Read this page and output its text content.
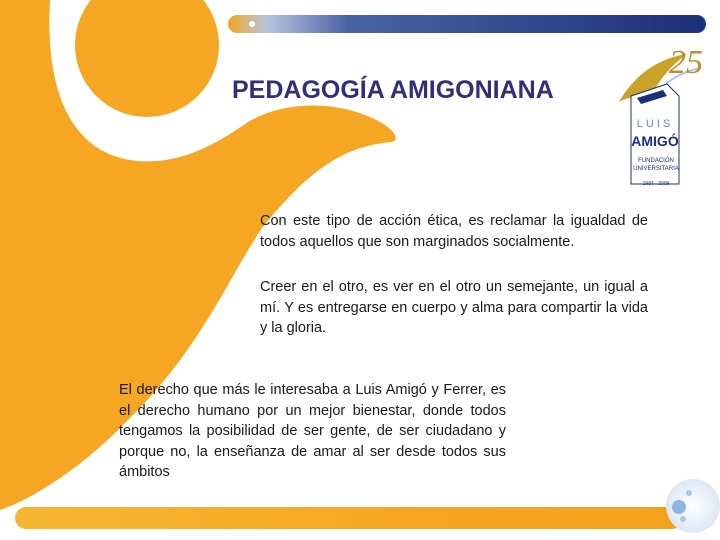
PEDAGOGÍA AMIGONIANA

Con este tipo de acción ética, es reclamar la igualdad de todos aquellos que son marginados socialmente.

Creer en el otro, es ver en el otro un semejante, un igual a mí. Y es entregarse en cuerpo y alma para compartir la vida y la gloria.

El derecho que más le interesaba a Luis Amigó y Ferrer, es el derecho humano por un mejor bienestar, donde todos tengamos la posibilidad de ser gente, de ser ciudadano y porque no, la enseñanza de amar al ser desde todos sus ámbitos

25
LUIS
AMIGÓ
FUNDACIÓN
UNIVERSITARIA
1984 - 2009
